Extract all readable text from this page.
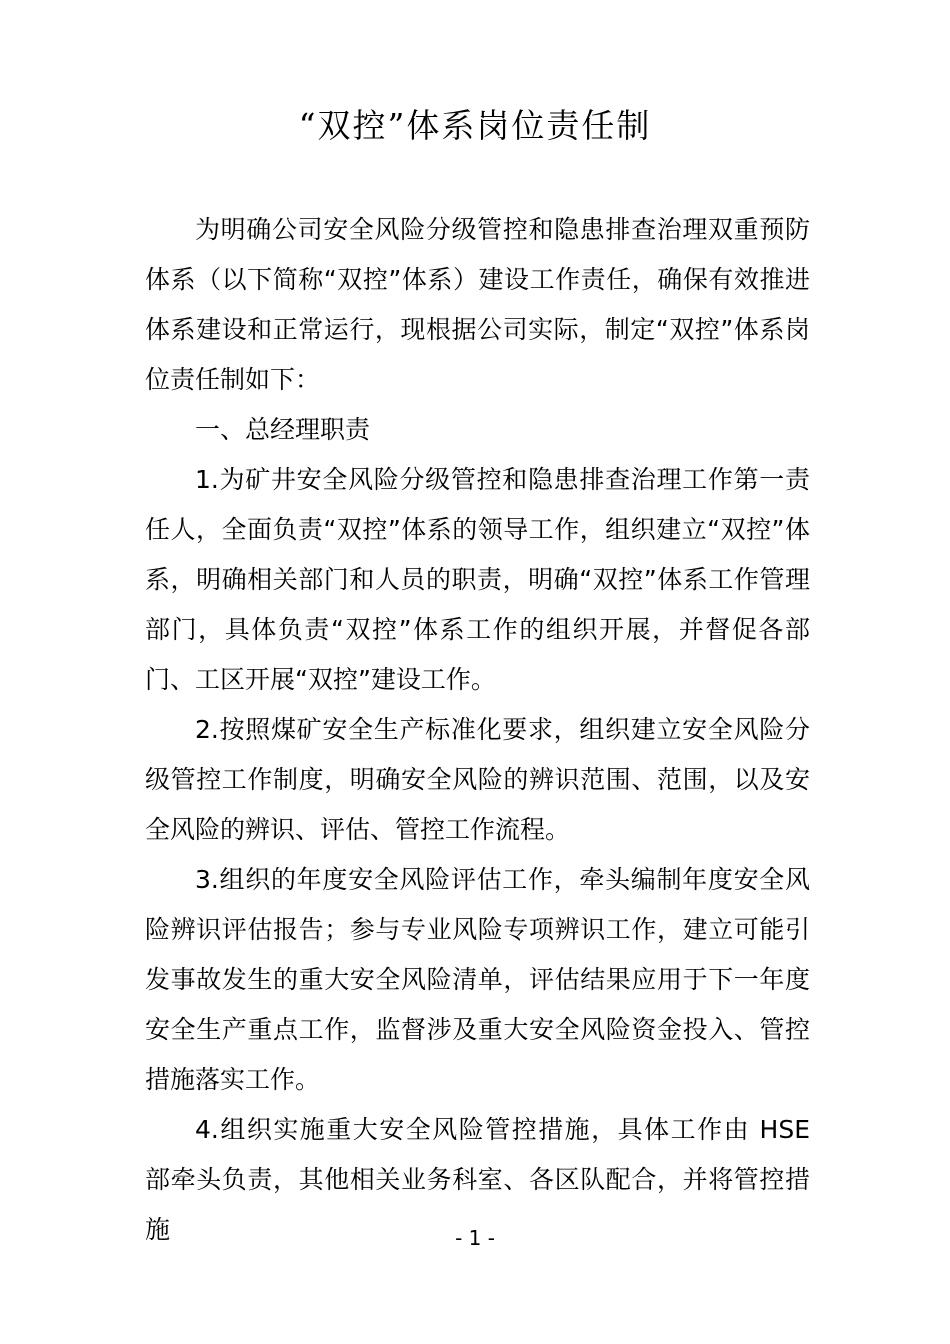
“双控”体系岗位责任制

为明确公司安全风险分级管控和隐患排查治理双重预防体系（以下简称“双控”体系）建设工作责任，确保有效推进体系建设和正常运行，现根据公司实际，制定“双控”体系岗位责任制如下：

一、总经理职责

1.为矿井安全风险分级管控和隐患排查治理工作第一责任人，全面负责“双控”体系的领导工作，组织建立“双控”体系，明确相关部门和人员的职责，明确“双控”体系工作管理部门，具体负责“双控”体系工作的组织开展，并督促各部门、工区开展“双控”建设工作。

2.按照煤矿安全生产标准化要求，组织建立安全风险分级管控工作制度，明确安全风险的辨识范围、范围，以及安全风险的辨识、评估、管控工作流程。

3.组织的年度安全风险评估工作，牵头编制年度安全风险辨识评估报告；参与专业风险专项辨识工作，建立可能引发事故发生的重大安全风险清单，评估结果应用于下一年度安全生产重点工作，监督涉及重大安全风险资金投入、管控措施落实工作。

4.组织实施重大安全风险管控措施，具体工作由 HSE 部牵头负责，其他相关业务科室、各区队配合，并将管控措施	- 1 -
